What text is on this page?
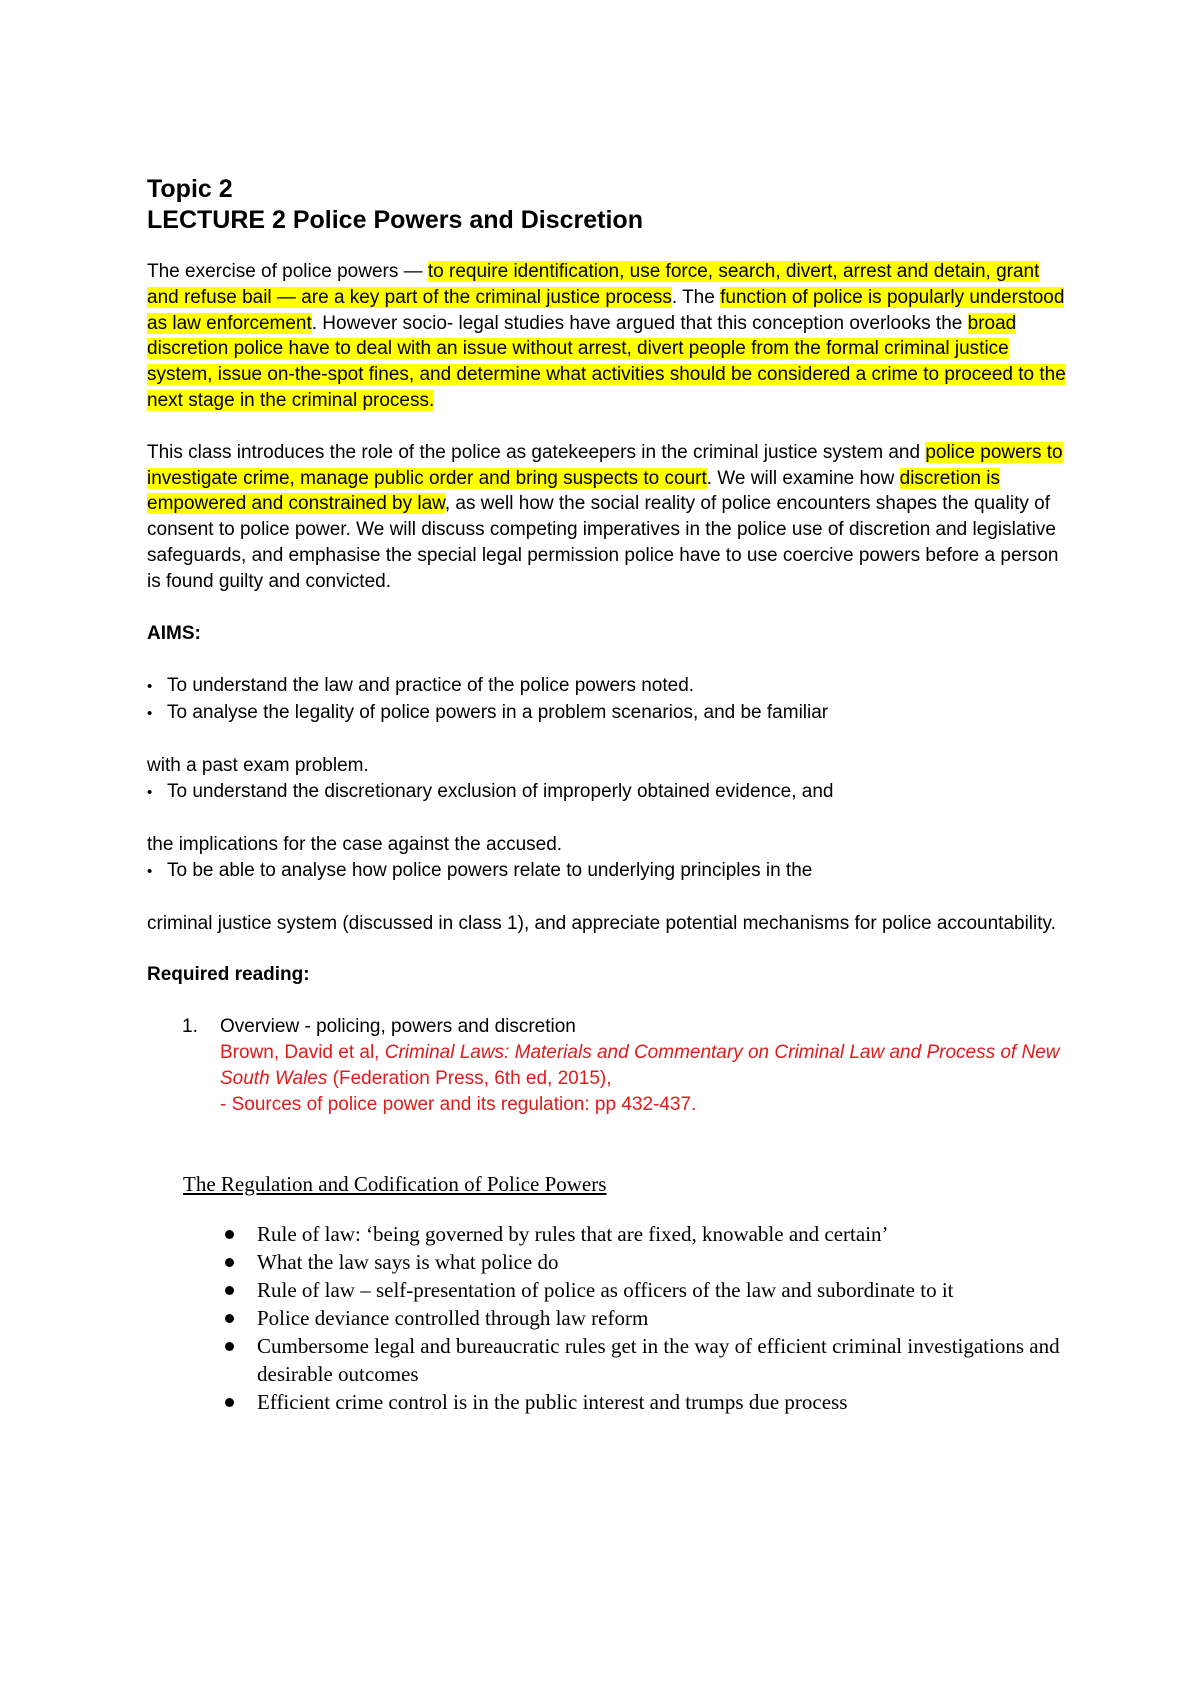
Topic 2

LECTURE 2 Police Powers and Discretion

The exercise of police powers — to require identification, use force, search, divert, arrest and detain, grant and refuse bail — are a key part of the criminal justice process. The function of police is popularly understood as law enforcement. However socio- legal studies have argued that this conception overlooks the broad discretion police have to deal with an issue without arrest, divert people from the formal criminal justice system, issue on-the-spot fines, and determine what activities should be considered a crime to proceed to the next stage in the criminal process.

This class introduces the role of the police as gatekeepers in the criminal justice system and police powers to investigate crime, manage public order and bring suspects to court. We will examine how discretion is empowered and constrained by law, as well how the social reality of police encounters shapes the quality of consent to police power. We will discuss competing imperatives in the police use of discretion and legislative safeguards, and emphasise the special legal permission police have to use coercive powers before a person is found guilty and convicted.

AIMS:

• To understand the law and practice of the police powers noted.

• To analyse the legality of police powers in a problem scenarios, and be familiar

with a past exam problem.

• To understand the discretionary exclusion of improperly obtained evidence, and

the implications for the case against the accused.

• To be able to analyse how police powers relate to underlying principles in the

criminal justice system (discussed in class 1), and appreciate potential mechanisms for police accountability.

Required reading:

1.	Overview - policing, powers and discretion
Brown, David et al, Criminal Laws: Materials and Commentary on Criminal Law and Process of New South Wales (Federation Press, 6th ed, 2015),
- Sources of police power and its regulation: pp 432-437.

The Regulation and Codification of Police Powers

Rule of law: ‘being governed by rules that are fixed, knowable and certain’
What the law says is what police do
Rule of law – self-presentation of police as officers of the law and subordinate to it
Police deviance controlled through law reform
Cumbersome legal and bureaucratic rules get in the way of efficient criminal investigations and desirable outcomes
Efficient crime control is in the public interest and trumps due process
